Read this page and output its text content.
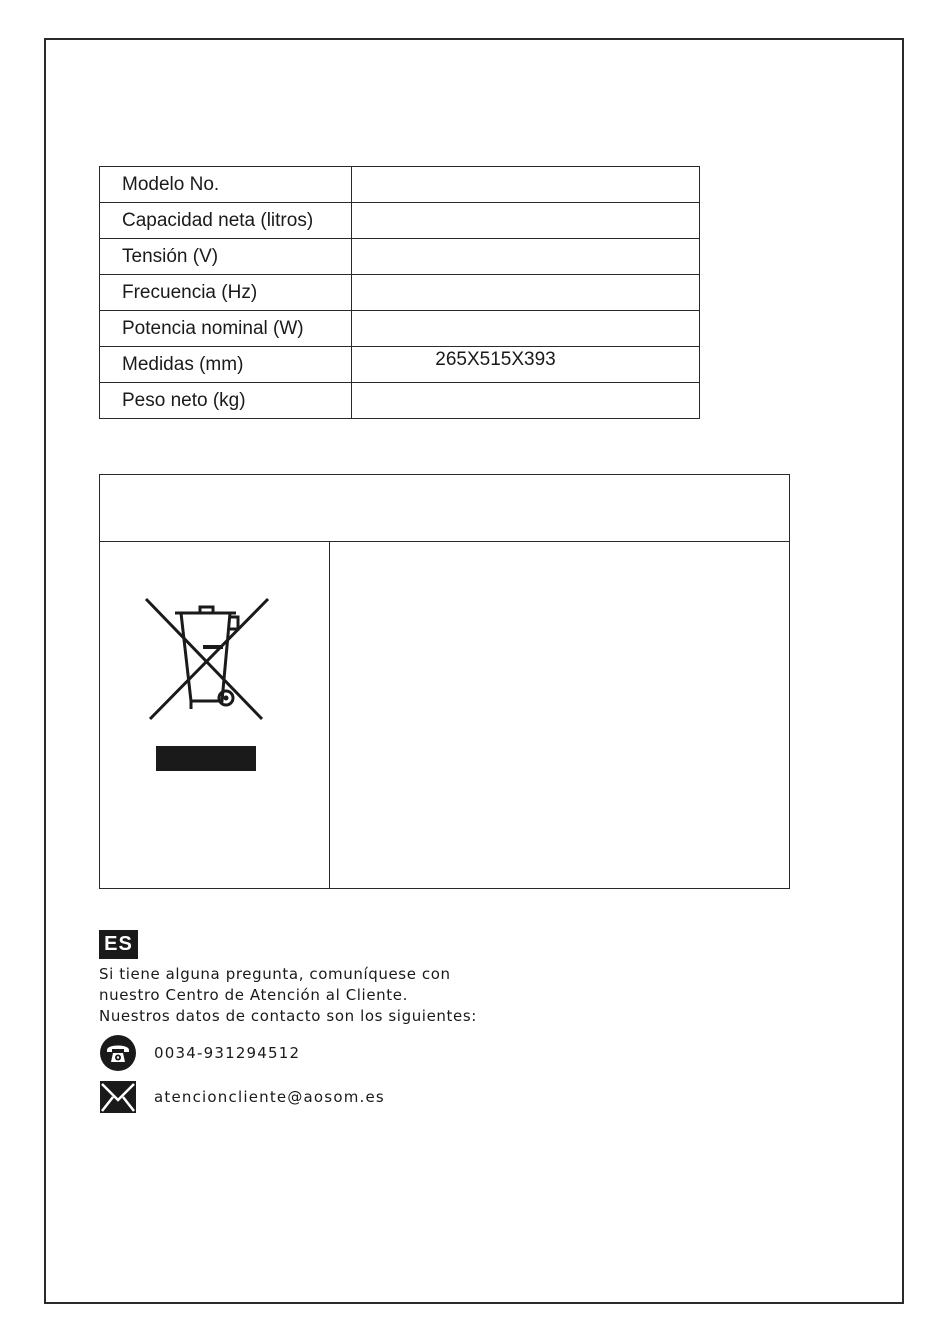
Modelo No.	
Capacidad neta (litros)	
Tensión (V)	
Frecuencia (Hz)	
Potencia nominal (W)	
Medidas (mm)	265X515X393
Peso neto (kg)	
ES
Si tiene alguna pregunta, comuníquese con
nuestro Centro de Atención al Cliente.
Nuestros datos de contacto son los siguientes:
0034-931294512
atencioncliente@aosom.es
